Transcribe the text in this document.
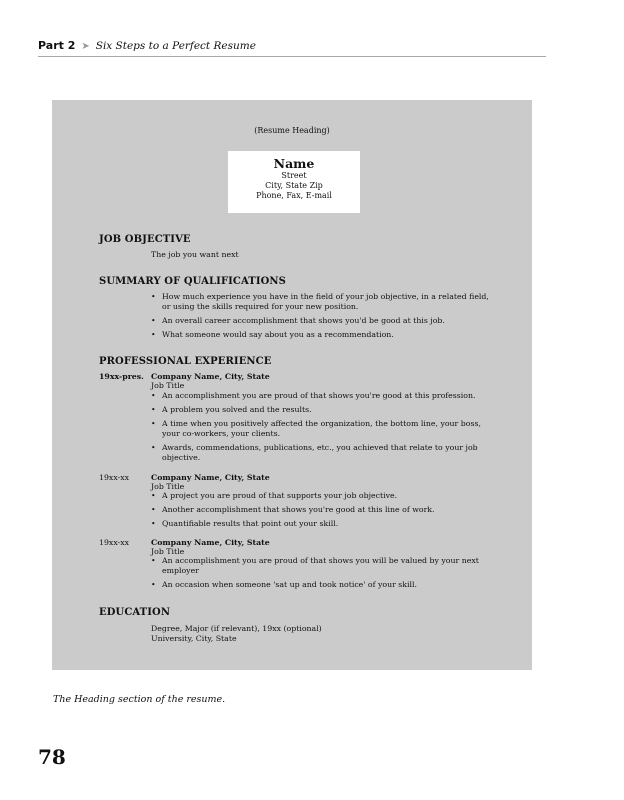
Part 2 ➤ Six Steps to a Perfect Resume
(Resume Heading)
Name
Street
City, State Zip
Phone, Fax, E-mail
JOB OBJECTIVE
The job you want next
SUMMARY OF QUALIFICATIONS
• How much experience you have in the field of your job objective, in a related field, or using the skills required for your new position.
• An overall career accomplishment that shows you'd be good at this job.
• What someone would say about you as a recommendation.
PROFESSIONAL EXPERIENCE
19xx-pres. Company Name, City, State
Job Title
• An accomplishment you are proud of that shows you're good at this profession.
• A problem you solved and the results.
• A time when you positively affected the organization, the bottom line, your boss, your co-workers, your clients.
• Awards, commendations, publications, etc., you achieved that relate to your job objective.
19xx-xx	Company Name, City, State
Job Title
• A project you are proud of that supports your job objective.
• Another accomplishment that shows you're good at this line of work.
• Quantifiable results that point out your skill.
19xx-xx	Company Name, City, State
Job Title
• An accomplishment you are proud of that shows you will be valued by your next employer
• An occasion when someone 'sat up and took notice' of your skill.
EDUCATION
Degree, Major (if relevant), 19xx (optional)
University, City, State
The Heading section of the resume.
78
